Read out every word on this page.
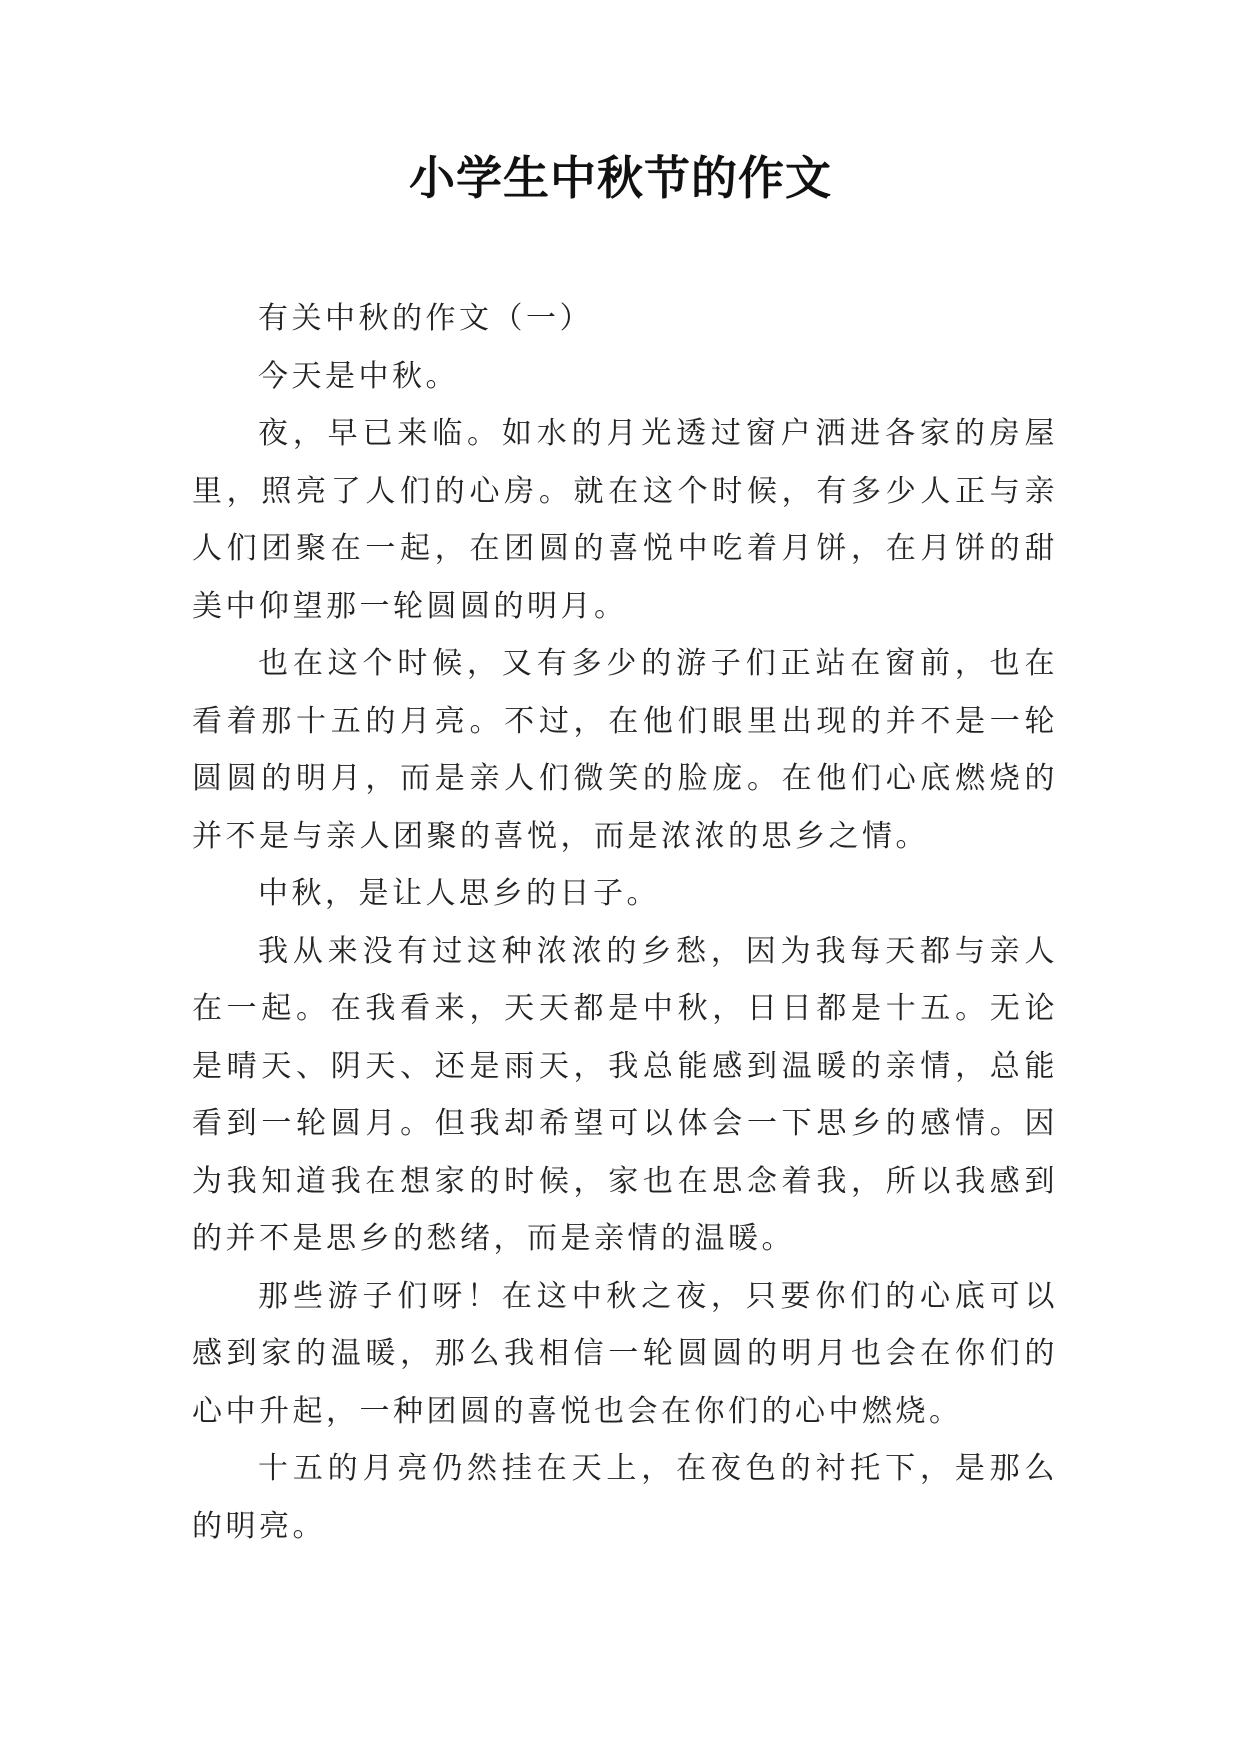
小学生中秋节的作文

有关中秋的作文（一）

今天是中秋。

夜，早已来临。如水的月光透过窗户洒进各家的房屋里，照亮了人们的心房。就在这个时候，有多少人正与亲人们团聚在一起，在团圆的喜悦中吃着月饼，在月饼的甜美中仰望那一轮圆圆的明月。

也在这个时候，又有多少的游子们正站在窗前，也在看着那十五的月亮。不过，在他们眼里出现的并不是一轮圆圆的明月，而是亲人们微笑的脸庞。在他们心底燃烧的并不是与亲人团聚的喜悦，而是浓浓的思乡之情。

中秋，是让人思乡的日子。

我从来没有过这种浓浓的乡愁，因为我每天都与亲人在一起。在我看来，天天都是中秋，日日都是十五。无论是晴天、阴天、还是雨天，我总能感到温暖的亲情，总能看到一轮圆月。但我却希望可以体会一下思乡的感情。因为我知道我在想家的时候，家也在思念着我，所以我感到的并不是思乡的愁绪，而是亲情的温暖。

那些游子们呀！在这中秋之夜，只要你们的心底可以感到家的温暖，那么我相信一轮圆圆的明月也会在你们的心中升起，一种团圆的喜悦也会在你们的心中燃烧。

十五的月亮仍然挂在天上，在夜色的衬托下，是那么的明亮。
